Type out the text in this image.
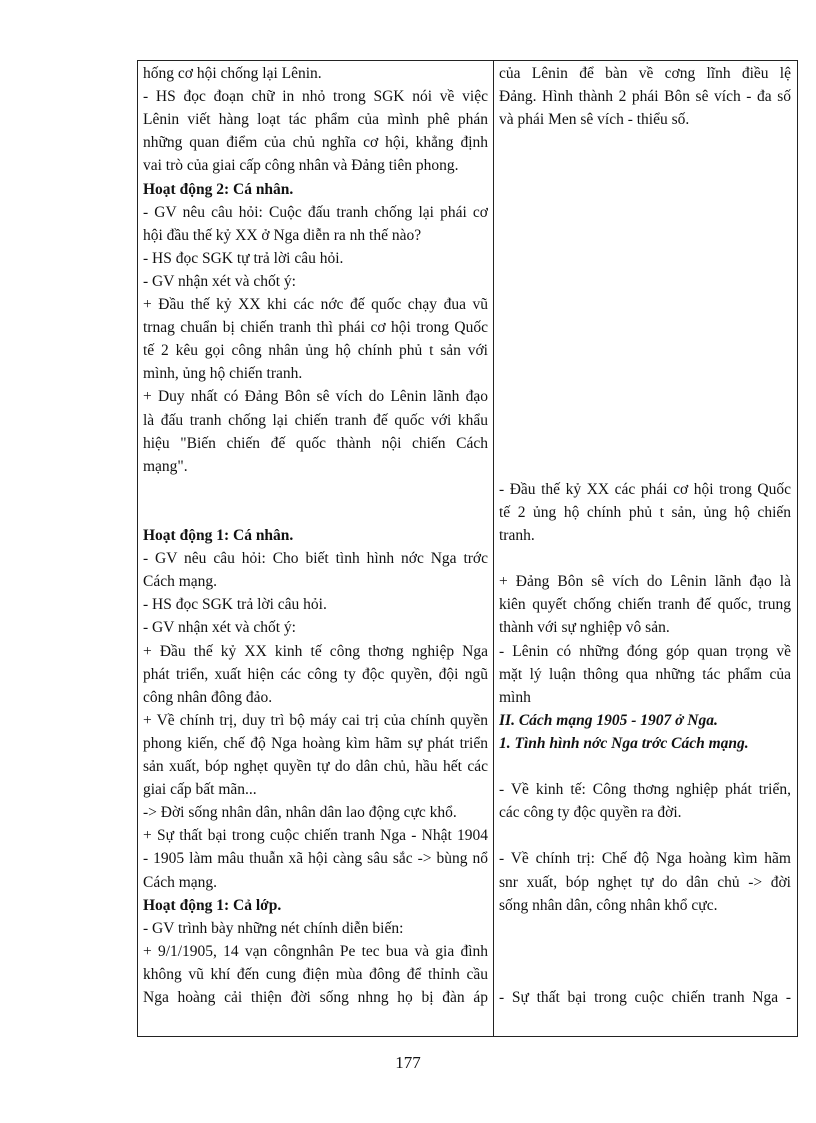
hống cơ hội chống lại Lênin.
- HS đọc đoạn chữ in nhỏ trong SGK nói về việc
Lênin viết hàng loạt tác phẩm của mình phê phán
những quan điểm của chủ nghĩa cơ hội, khẳng định
vai trò của giai cấp công nhân và Đảng tiên phong.
Hoạt động 2: Cá nhân.
- GV nêu câu hỏi: Cuộc đấu tranh chống lại phái cơ
hội đầu thế kỷ XX ở Nga diễn ra nh thế nào?
- HS đọc SGK tự trả lời câu hỏi.
- GV nhận xét và chốt ý:
+ Đầu thế kỷ XX khi các nớc đế quốc chạy đua vũ
trnag chuẩn bị chiến tranh thì phái cơ hội trong Quốc
tế 2 kêu gọi công nhân ủng hộ chính phủ t sản với
mình, ủng hộ chiến tranh.
+ Duy nhất có Đảng Bôn sê vích do Lênin lãnh đạo
là đấu tranh chống lại chiến tranh đế quốc với khẩu
hiệu "Biến chiến đế quốc thành nội chiến Cách
mạng".
Hoạt động 1: Cá nhân.
- GV nêu câu hỏi: Cho biết tình hình nớc Nga trớc
Cách mạng.
- HS đọc SGK trả lời câu hỏi.
- GV nhận xét và chốt ý:
+ Đầu thế kỷ XX kinh tế công thơng nghiệp Nga
phát triển, xuất hiện các công ty độc quyền, đội ngũ
công nhân đông đảo.
+ Về chính trị, duy trì bộ máy cai trị của chính quyền
phong kiến, chế độ Nga hoàng kìm hãm sự phát triển
sản xuất, bóp nghẹt quyền tự do dân chủ, hầu hết các
giai cấp bất mãn...
-> Đời sống nhân dân, nhân dân lao động cực khổ.
+ Sự thất bại trong cuộc chiến tranh Nga - Nhật 1904
- 1905 làm mâu thuẫn xã hội càng sâu sắc -> bùng nổ
Cách mạng.
Hoạt động 1: Cả lớp.
- GV trình bày những nét chính diễn biến:
+ 9/1/1905, 14 vạn côngnhân Pe tec bua và gia đình
không vũ khí đến cung điện mùa đông để thỉnh cầu
Nga hoàng cải thiện đời sống nhng họ bị đàn áp
của Lênin để bàn về cơng lĩnh điều lệ
Đảng. Hình thành 2 phái Bôn sê vích - đa số
và phái Men sê vích - thiểu số.
- Đầu thế kỷ XX các phái cơ hội trong Quốc
tế 2 ủng hộ chính phủ t sản, ủng hộ chiến
tranh.
+ Đảng Bôn sê vích do Lênin lãnh đạo là
kiên quyết chống chiến tranh đế quốc, trung
thành với sự nghiệp vô sản.
- Lênin có những đóng góp quan trọng về
mặt lý luận thông qua những tác phẩm của
mình
II. Cách mạng 1905 - 1907 ở Nga.
1. Tình hình nớc Nga trớc Cách mạng.
- Về kinh tế: Công thơng nghiệp phát triển,
các công ty độc quyền ra đời.
- Về chính trị: Chế độ Nga hoàng kìm hãm
snr xuất, bóp nghẹt tự do dân chủ -> đời
sống nhân dân, công nhân khổ cực.
- Sự thất bại trong cuộc chiến tranh Nga -
177
